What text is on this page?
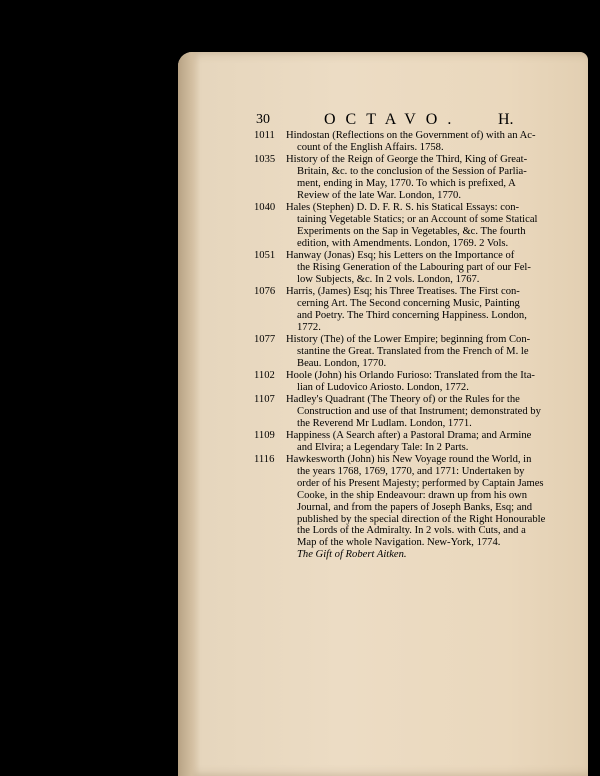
30	OCTAVO. H.
1011	Hindostan (Reflections on the Government of) with an Ac-
count of the English Affairs. 1758.
1035	History of the Reign of George the Third, King of Great-
Britain, &c. to the conclusion of the Session of Parlia-
ment, ending in May, 1770. To which is prefixed, A
Review of the late War. London, 1770.
1040	Hales (Stephen) D. D. F. R. S. his Statical Essays: con-
taining Vegetable Statics; or an Account of some Statical
Experiments on the Sap in Vegetables, &c. The fourth
edition, with Amendments. London, 1769. 2 Vols.
1051	Hanway (Jonas) Esq; his Letters on the Importance of
the Rising Generation of the Labouring part of our Fel-
low Subjects, &c. In 2 vols. London, 1767.
1076	Harris, (James) Esq; his Three Treatises. The First con-
cerning Art. The Second concerning Music, Painting
and Poetry. The Third concerning Happiness. London,
1772.
1077	History (The) of the Lower Empire; beginning from Con-
stantine the Great. Translated from the French of M. le
Beau. London, 1770.
1102	Hoole (John) his Orlando Furioso: Translated from the Ita-
lian of Ludovico Ariosto. London, 1772.
1107	Hadley's Quadrant (The Theory of) or the Rules for the
Construction and use of that Instrument; demonstrated by
the Reverend Mr Ludlam. London, 1771.
1109	Happiness (A Search after) a Pastoral Drama; and Armine
and Elvira; a Legendary Tale: In 2 Parts.
1116	Hawkesworth (John) his New Voyage round the World, in
the years 1768, 1769, 1770, and 1771: Undertaken by
order of his Present Majesty; performed by Captain James
Cooke, in the ship Endeavour: drawn up from his own
Journal, and from the papers of Joseph Banks, Esq; and
published by the special direction of the Right Honourable
the Lords of the Admiralty. In 2 vols. with Cuts, and a
Map of the whole Navigation. New-York, 1774.
The Gift of Robert Aitken.
